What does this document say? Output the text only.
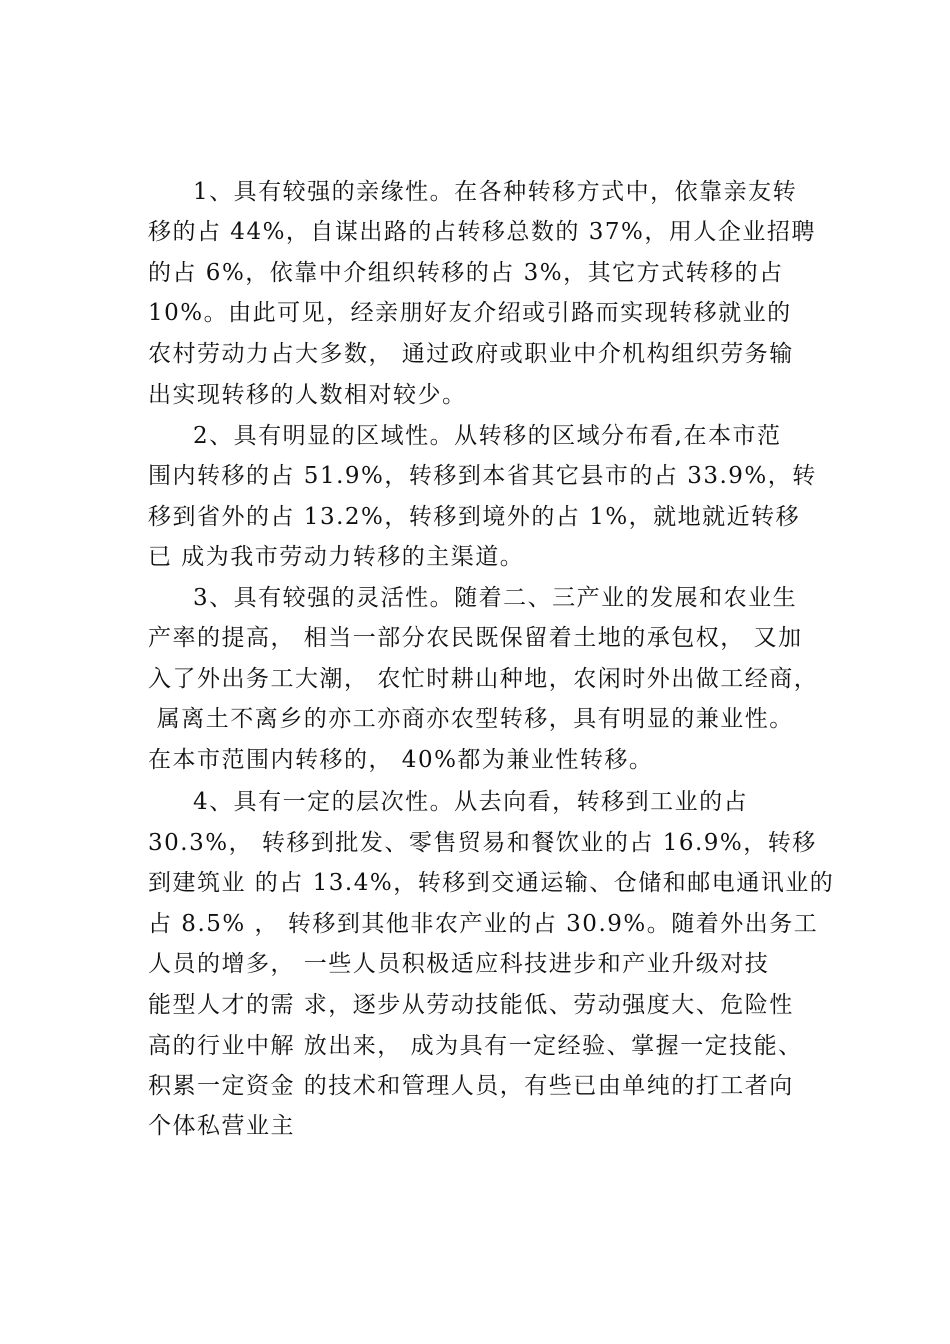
1、具有较强的亲缘性。在各种转移方式中，依靠亲友转
移的占 44%，自谋出路的占转移总数的 37%，用人企业招聘
的占 6%，依靠中介组织转移的占 3%，其它方式转移的占
10%。由此可见，经亲朋好友介绍或引路而实现转移就业的
农村劳动力占大多数， 通过政府或职业中介机构组织劳务输
出实现转移的人数相对较少。
2、具有明显的区域性。从转移的区域分布看,在本市范
围内转移的占 51.9%，转移到本省其它县市的占 33.9%，转
移到省外的占 13.2%，转移到境外的占 1%，就地就近转移
已 成为我市劳动力转移的主渠道。
3、具有较强的灵活性。随着二、三产业的发展和农业生
产率的提高， 相当一部分农民既保留着土地的承包权， 又加
入了外出务工大潮， 农忙时耕山种地，农闲时外出做工经商，
属离土不离乡的亦工亦商亦农型转移，具有明显的兼业性。
在本市范围内转移的， 40%都为兼业性转移。
4、具有一定的层次性。从去向看，转移到工业的占
30.3%， 转移到批发、零售贸易和餐饮业的占 16.9%，转移
到建筑业 的占 13.4%，转移到交通运输、仓储和邮电通讯业的
占 8.5% ， 转移到其他非农产业的占 30.9%。随着外出务工
人员的增多， 一些人员积极适应科技进步和产业升级对技
能型人才的需 求，逐步从劳动技能低、劳动强度大、危险性
高的行业中解 放出来， 成为具有一定经验、掌握一定技能、
积累一定资金 的技术和管理人员，有些已由单纯的打工者向
个体私营业主
